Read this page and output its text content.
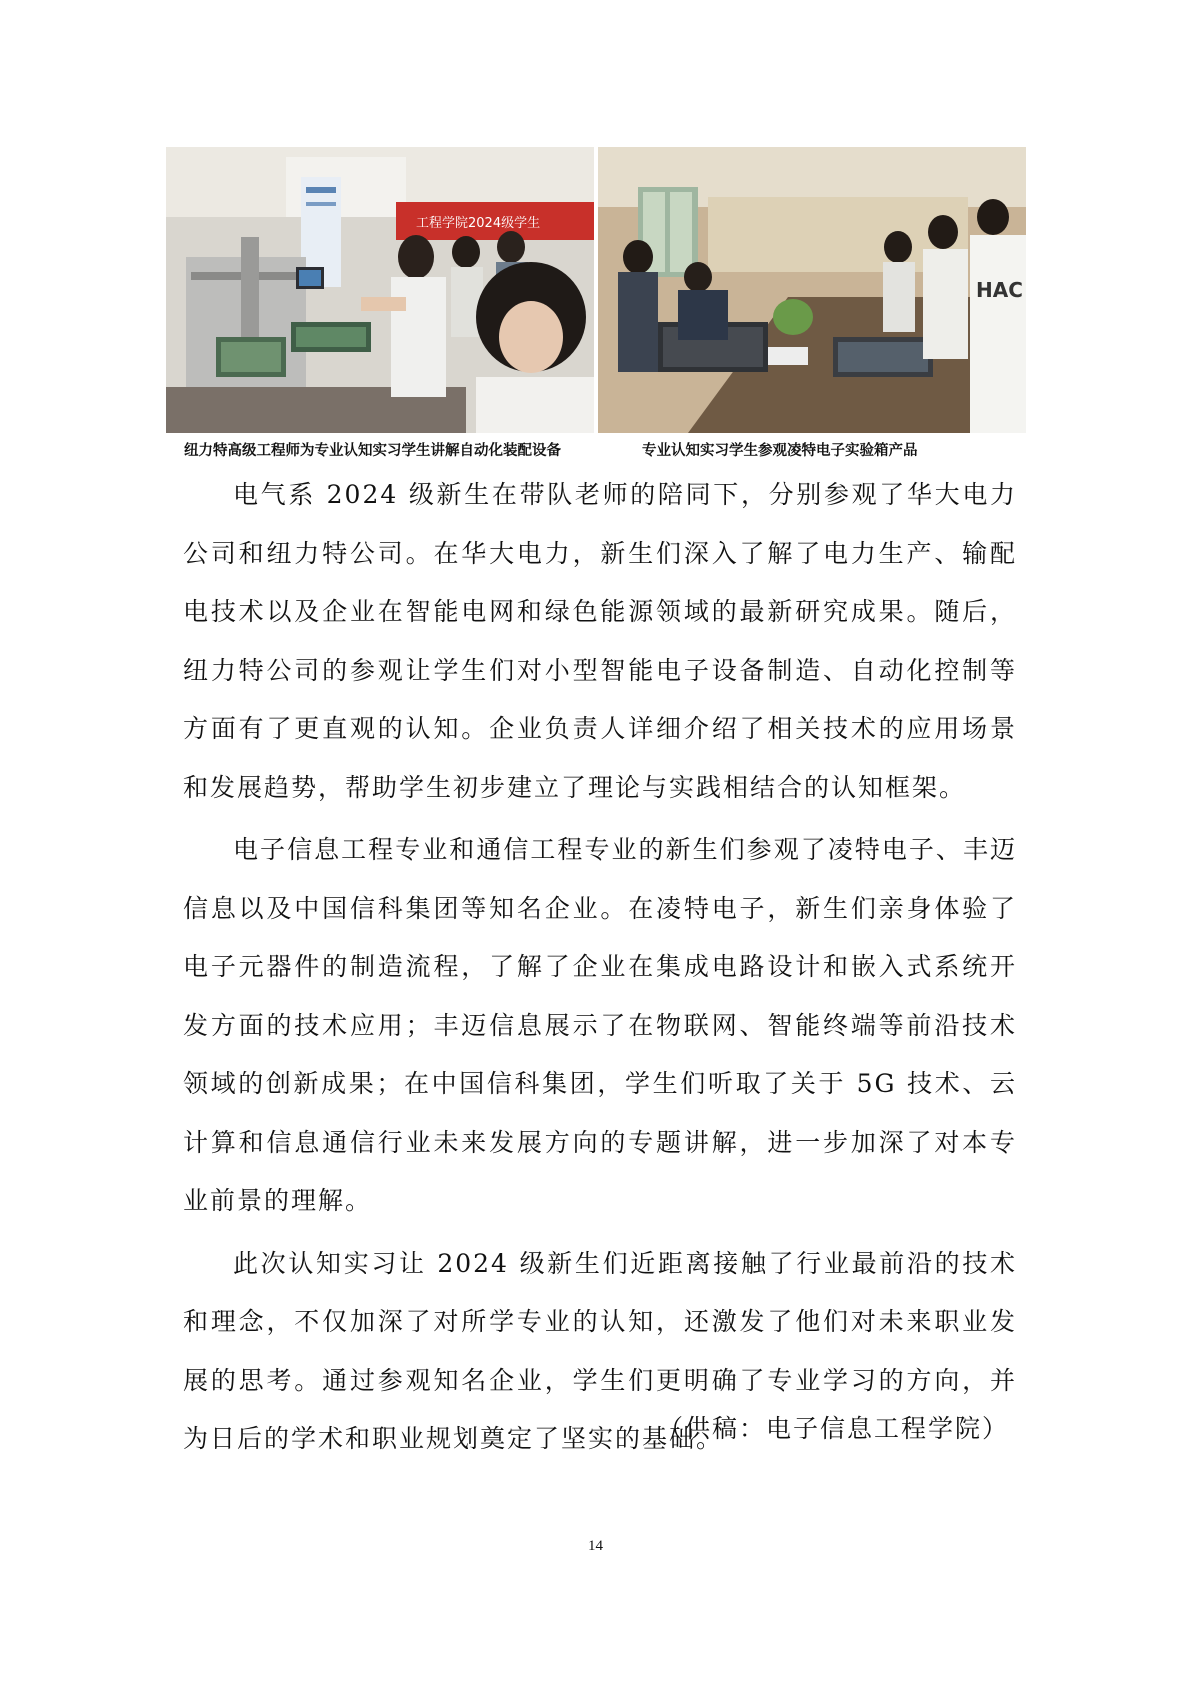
工程学院2024级学生
HAC
纽力特高级工程师为专业认知实习学生讲解自动化装配设备	专业认知实习学生参观凌特电子实验箱产品

电气系 2024 级新生在带队老师的陪同下，分别参观了华大电力公司和纽力特公司。在华大电力，新生们深入了解了电力生产、输配电技术以及企业在智能电网和绿色能源领域的最新研究成果。随后，纽力特公司的参观让学生们对小型智能电子设备制造、自动化控制等方面有了更直观的认知。企业负责人详细介绍了相关技术的应用场景和发展趋势，帮助学生初步建立了理论与实践相结合的认知框架。

电子信息工程专业和通信工程专业的新生们参观了凌特电子、丰迈信息以及中国信科集团等知名企业。在凌特电子，新生们亲身体验了电子元器件的制造流程，了解了企业在集成电路设计和嵌入式系统开发方面的技术应用；丰迈信息展示了在物联网、智能终端等前沿技术领域的创新成果；在中国信科集团，学生们听取了关于 5G 技术、云计算和信息通信行业未来发展方向的专题讲解，进一步加深了对本专业前景的理解。

此次认知实习让 2024 级新生们近距离接触了行业最前沿的技术和理念，不仅加深了对所学专业的认知，还激发了他们对未来职业发展的思考。通过参观知名企业，学生们更明确了专业学习的方向，并为日后的学术和职业规划奠定了坚实的基础。

（供稿：电子信息工程学院）
14
